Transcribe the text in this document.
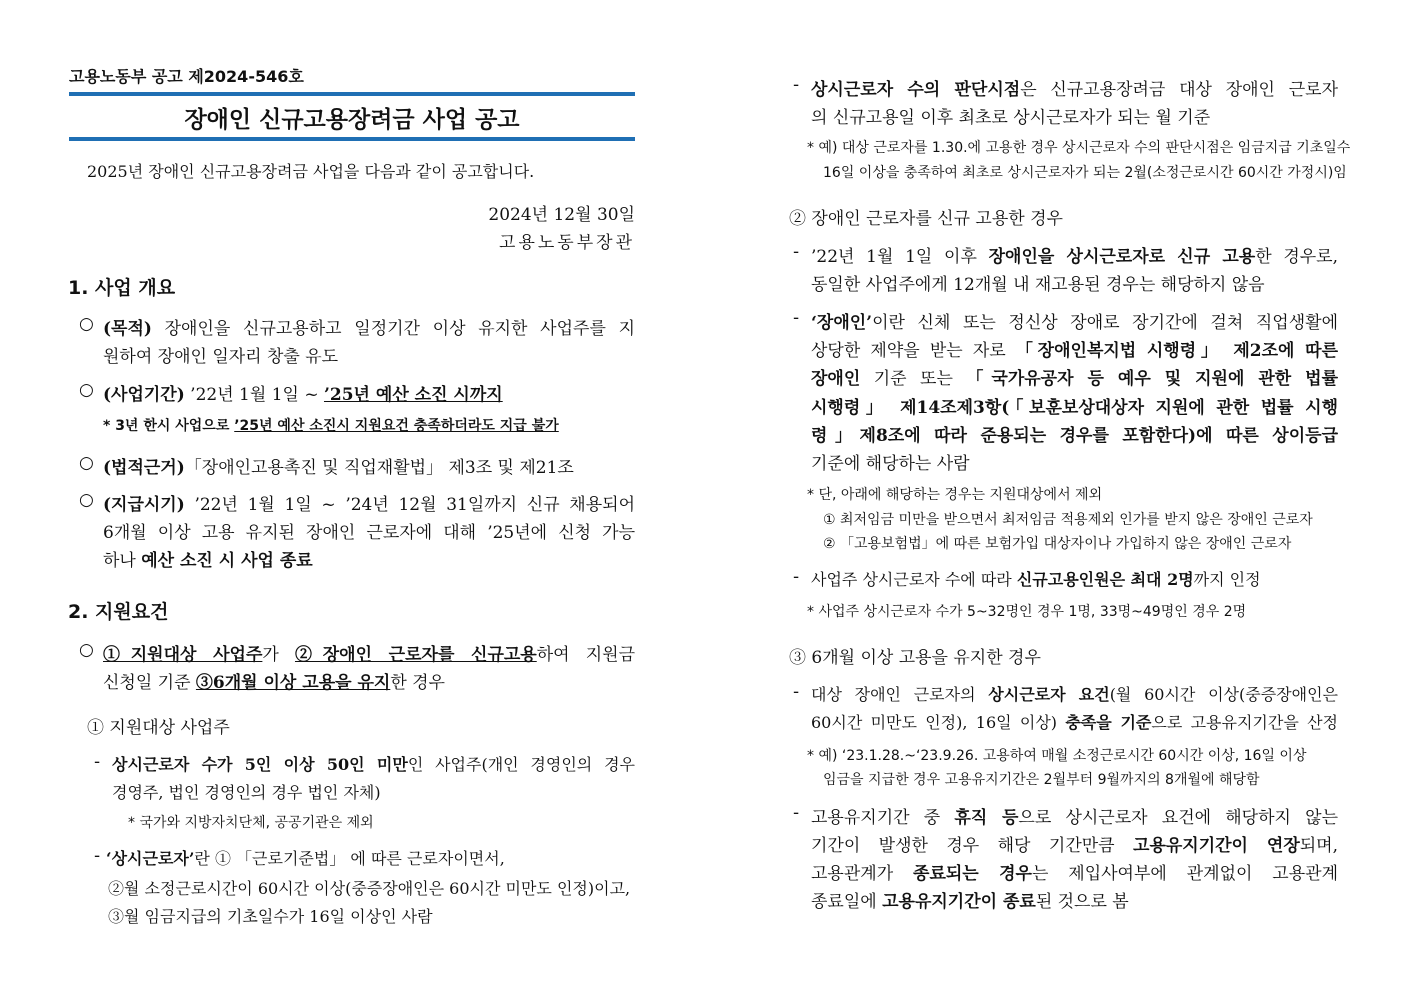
고용노동부 공고 제2024-546호
장애인 신규고용장려금 사업 공고
2025년 장애인 신규고용장려금 사업을 다음과 같이 공고합니다.
2024년 12월 30일
고용노동부장관
1. 사업 개요
○ (목적) 장애인을 신규고용하고 일정기간 이상 유지한 사업주를 지
원하여 장애인 일자리 창출 유도
○ (사업기간) ’22년 1월 1일 ~ ’25년 예산 소진 시까지
* 3년 한시 사업으로 ’25년 예산 소진시 지원요건 충족하더라도 지급 불가
○ (법적근거)「장애인고용촉진 및 직업재활법」 제3조 및 제21조
○ (지급시기) ’22년 1월 1일 ~ ’24년 12월 31일까지 신규 채용되어
6개월 이상 고용 유지된 장애인 근로자에 대해 ’25년에 신청 가능
하나 예산 소진 시 사업 종료
2. 지원요건
○ ①지원대상 사업주가 ②장애인 근로자를 신규고용하여 지원금
신청일 기준 ③6개월 이상 고용을 유지한 경우
① 지원대상 사업주
- 상시근로자 수가 5인 이상 50인 미만인 사업주(개인 경영인의 경우
경영주, 법인 경영인의 경우 법인 자체)
* 국가와 지방자치단체, 공공기관은 제외
- ‘상시근로자’란 ① 「근로기준법」 에 따른 근로자이면서,
②월 소정근로시간이 60시간 이상(중증장애인은 60시간 미만도 인정)이고,
③월 임금지급의 기초일수가 16일 이상인 사람
- 상시근로자 수의 판단시점은 신규고용장려금 대상 장애인 근로자
의 신규고용일 이후 최초로 상시근로자가 되는 월 기준
* 예) 대상 근로자를 1.30.에 고용한 경우 상시근로자 수의 판단시점은 임금지급 기초일수
16일 이상을 충족하여 최초로 상시근로자가 되는 2월(소정근로시간 60시간 가정시)임
② 장애인 근로자를 신규 고용한 경우
- ’22년 1월 1일 이후 장애인을 상시근로자로 신규 고용한 경우로,
동일한 사업주에게 12개월 내 재고용된 경우는 해당하지 않음
- ‘장애인’이란 신체 또는 정신상 장애로 장기간에 걸쳐 직업생활에
상당한 제약을 받는 자로 「장애인복지법 시행령」 제2조에 따른
장애인 기준 또는 「국가유공자 등 예우 및 지원에 관한 법률
시행령」 제14조제3항(「보훈보상대상자 지원에 관한 법률 시행
령」제8조에 따라 준용되는 경우를 포함한다)에 따른 상이등급
기준에 해당하는 사람
* 단, 아래에 해당하는 경우는 지원대상에서 제외
① 최저임금 미만을 받으면서 최저임금 적용제외 인가를 받지 않은 장애인 근로자
② 「고용보험법」에 따른 보험가입 대상자이나 가입하지 않은 장애인 근로자
- 사업주 상시근로자 수에 따라 신규고용인원은 최대 2명까지 인정
* 사업주 상시근로자 수가 5~32명인 경우 1명, 33명~49명인 경우 2명
③ 6개월 이상 고용을 유지한 경우
- 대상 장애인 근로자의 상시근로자 요건(월 60시간 이상(중증장애인은
60시간 미만도 인정), 16일 이상) 충족을 기준으로 고용유지기간을 산정
* 예) ‘23.1.28.~‘23.9.26. 고용하여 매월 소정근로시간 60시간 이상, 16일 이상
임금을 지급한 경우 고용유지기간은 2월부터 9월까지의 8개월에 해당함
- 고용유지기간 중 휴직 등으로 상시근로자 요건에 해당하지 않는
기간이 발생한 경우 해당 기간만큼 고용유지기간이 연장되며,
고용관계가 종료되는 경우는 제입사여부에 관계없이 고용관계
종료일에 고용유지기간이 종료된 것으로 봄
